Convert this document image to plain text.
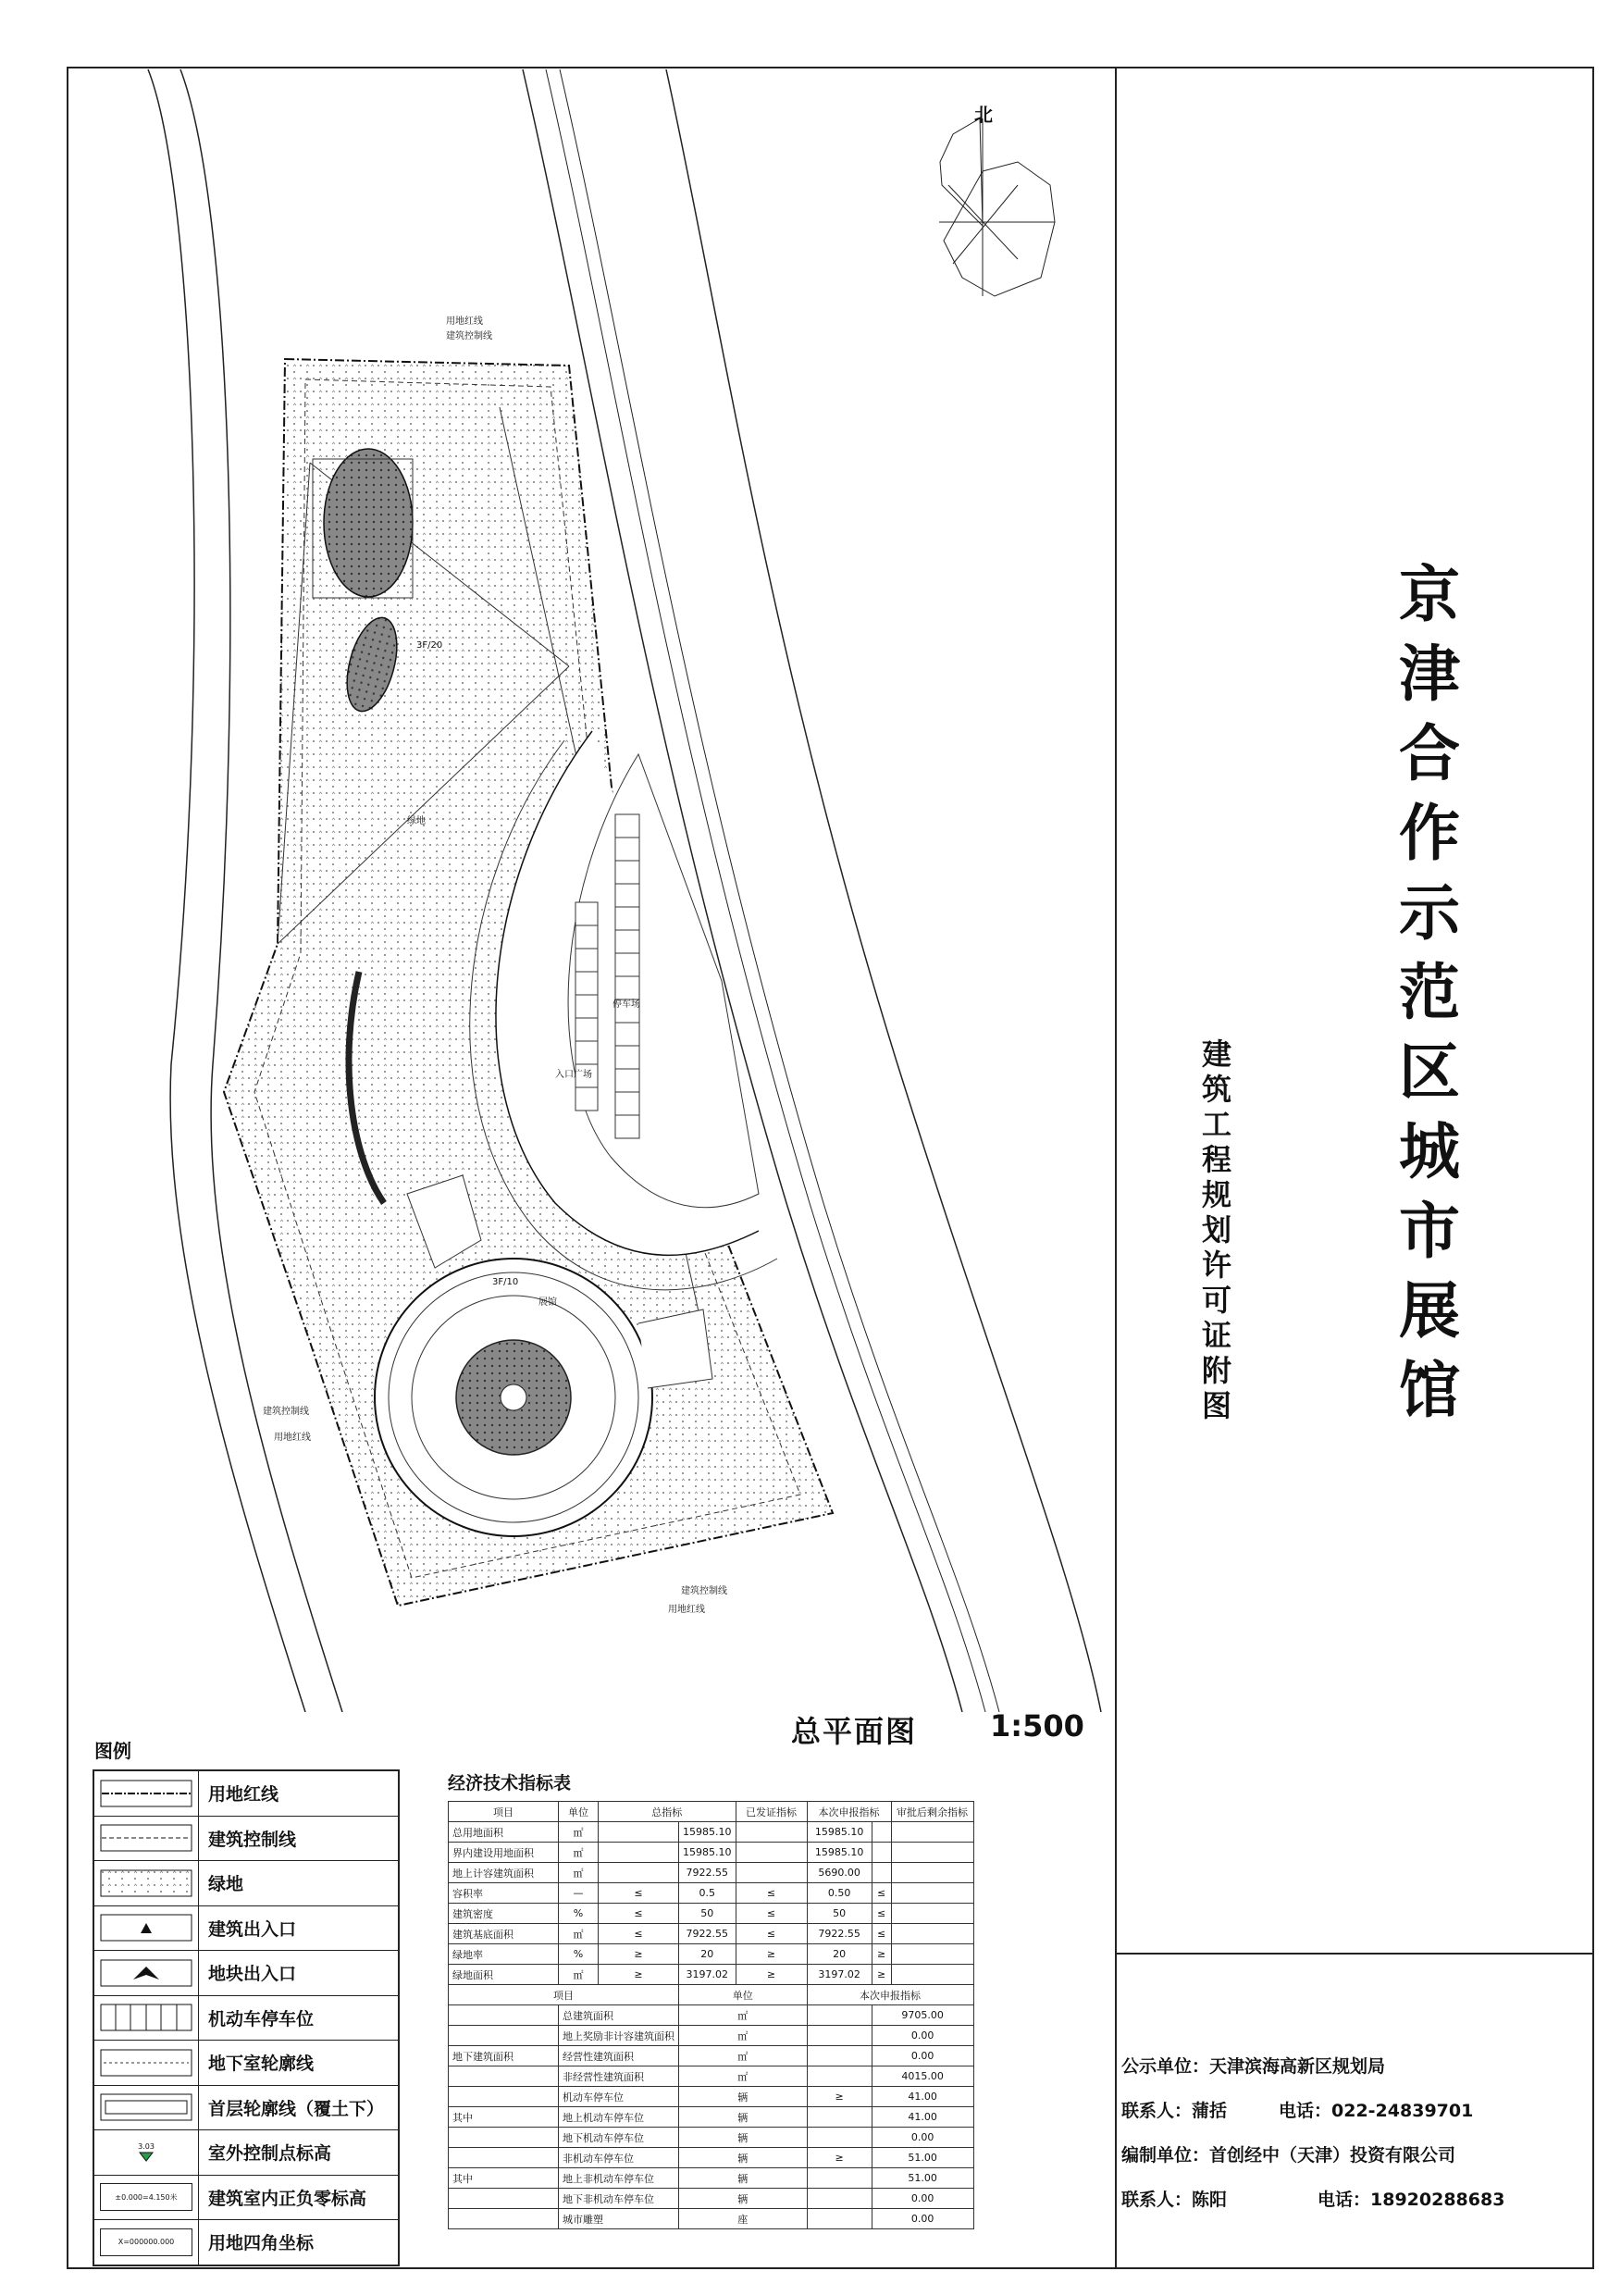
北
用地红线
建筑控制线
3F/20
绿地
停车场
入口广场
3F/10
展馆
建筑控制线
用地红线
建筑控制线
用地红线
总平面图 1:500
京津合作示范区城市展馆
建筑工程规划许可证附图
图例
用地红线
建筑控制线
绿地
建筑出入口
地块出入口
机动车停车位
地下室轮廓线
首层轮廓线（覆土下）
3.03	室外控制点标高
±0.000=4.150米	建筑室内正负零标高
X=000000.000	用地四角坐标
经济技术指标表
项目	单位	总指标		已发证指标	本次申报指标		审批后剩余指标
总用地面积	㎡		15985.10		15985.10		
界内建设用地面积	㎡		15985.10		15985.10		
地上计容建筑面积	㎡		7922.55		5690.00		
容积率	—	≤	0.5	≤	0.50	≤	
建筑密度	%	≤	50	≤	50	≤	
建筑基底面积	㎡	≤	7922.55	≤	7922.55	≤	
绿地率	%	≥	20	≥	20	≥	
绿地面积	㎡	≥	3197.02	≥	3197.02	≥	
项目			单位		本次申报指标		
	总建筑面积		㎡			9705.00	
	地上奖励非计容建筑面积		㎡			0.00	
地下建筑面积	经营性建筑面积		㎡			0.00	
	非经营性建筑面积		㎡			4015.00	
	机动车停车位		辆		≥	41.00	
其中	地上机动车停车位		辆			41.00	
	地下机动车停车位		辆			0.00	
	非机动车停车位		辆		≥	51.00	
其中	地上非机动车停车位		辆			51.00	
	地下非机动车停车位		辆			0.00	
	城市雕塑		座			0.00	
公示单位：天津滨海高新区规划局
联系人：蒲括	电话：022-24839701
编制单位：首创经中（天津）投资有限公司
联系人：陈阳	电话：18920288683
